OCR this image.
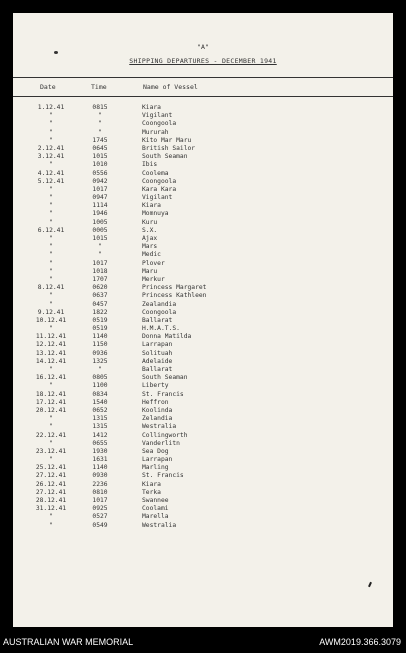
"A"
SHIPPING DEPARTURES - DECEMBER 1941
Date	Time	Name of Vessel
1.12.41	0815	Kiara
"	"	Vigilant
"	"	Coongoola
"	"	Mururah
"	1745	Kito Mar Maru
2.12.41	0645	British Sailor
3.12.41	1015	South Seaman
"	1010	Ibis
4.12.41	0556	Coolema
5.12.41	0942	Coongoola
"	1017	Kara Kara
"	0947	Vigilant
"	1114	Kiara
"	1946	Momnuya
"	1005	Kuru
6.12.41	0005	S.X.
"	1015	Ajax
"	"	Mars
"	"	Medic
"	1017	Plover
"	1018	Maru
"	1707	Merkur
8.12.41	0620	Princess Margaret
"	0637	Princess Kathleen
"	0457	Zealandia
9.12.41	1822	Coongoola
10.12.41	0519	Ballarat
"	0519	H.M.A.T.S.
11.12.41	1140	Donna Matilda
12.12.41	1150	Larrapan
13.12.41	0936	Solituah
14.12.41	1325	Adelaide
"	"	Ballarat
16.12.41	0805	South Seaman
"	1100	Liberty
18.12.41	0834	St. Francis
17.12.41	1540	Heffron
20.12.41	0652	Koolinda
"	1315	Zelandia
"	1315	Westralia
22.12.41	1412	Collingworth
"	0655	Vanderlitn
23.12.41	1930	Sea Dog
"	1631	Larrapan
25.12.41	1140	Marling
27.12.41	0930	St. Francis
26.12.41	2236	Kiara
27.12.41	0810	Terka
28.12.41	1017	Swannee
31.12.41	0925	Coolami
"	0527	Marella
"	0549	Westralia
AUSTRALIAN WAR MEMORIAL	AWM2019.366.3079
